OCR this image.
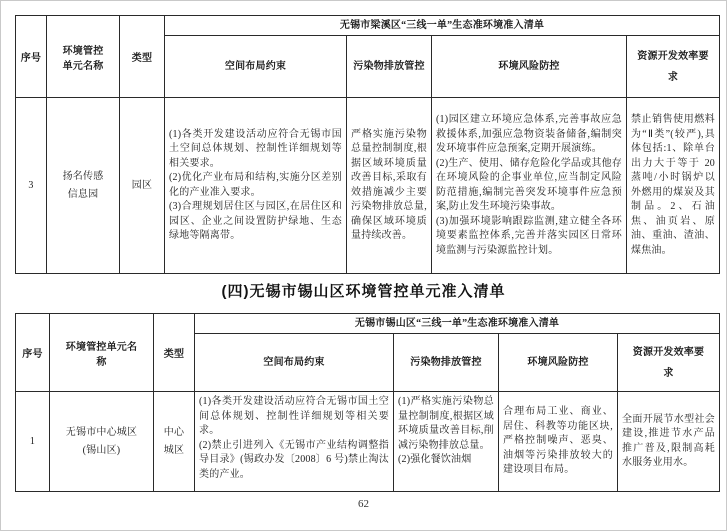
序号	环境管控
单元名称	类型	无锡市梁溪区“三线一单”生态准环境准入清单			
			空间布局约束	污染物排放管控	环境风险防控	资源开发效率要
求
3	扬名传感
信息园	园区	(1)各类开发建设活动应符合无锡市国土空间总体规划、控制性详细规划等相关要求。
(2)优化产业布局和结构,实施分区差别化的产业准入要求。
(3)合理规划居住区与园区,在居住区和园区、企业之间设置防护绿地、生态绿地等隔离带。	严格实施污染物总量控制制度,根据区域环境质量改善目标,采取有效措施减少主要污染物排放总量,确保区域环境质量持续改善。	(1)园区建立环境应急体系,完善事故应急救援体系,加强应急物资装备储备,编制突发环境事件应急预案,定期开展演练。
(2)生产、使用、储存危险化学品或其他存在环境风险的企事业单位,应当制定风险防范措施,编制完善突发环境事件应急预案,防止发生环境污染事故。
(3)加强环境影响跟踪监测,建立健全各环境要素监控体系,完善并落实园区日常环境监测与污染源监控计划。	禁止销售使用燃料为“Ⅱ类”(较严),具体包括:1、除单台出力大于等于 20 蒸吨/小时锅炉以外燃用的煤炭及其制品。2、石油焦、油页岩、原油、重油、渣油、煤焦油。
(四)无锡市锡山区环境管控单元准入清单
序号	环境管控单元名
称	类型	无锡市锡山区“三线一单”生态准环境准入清单			
			空间布局约束	污染物排放管控	环境风险防控	资源开发效率要
求
1	无锡市中心城区
(锡山区)	中心
城区	(1)各类开发建设活动应符合无锡市国土空间总体规划、控制性详细规划等相关要求。
(2)禁止引进列入《无锡市产业结构调整指导目录》(锡政办发〔2008〕6 号)禁止淘汰类的产业。	(1)严格实施污染物总量控制制度,根据区域环境质量改善目标,削减污染物排放总量。
(2)强化餐饮油烟	合理布局工业、商业、居住、科教等功能区块,严格控制噪声、恶臭、油烟等污染排放较大的建设项目布局。	全面开展节水型社会建设,推进节水产品推广普及,限制高耗水服务业用水。
62
